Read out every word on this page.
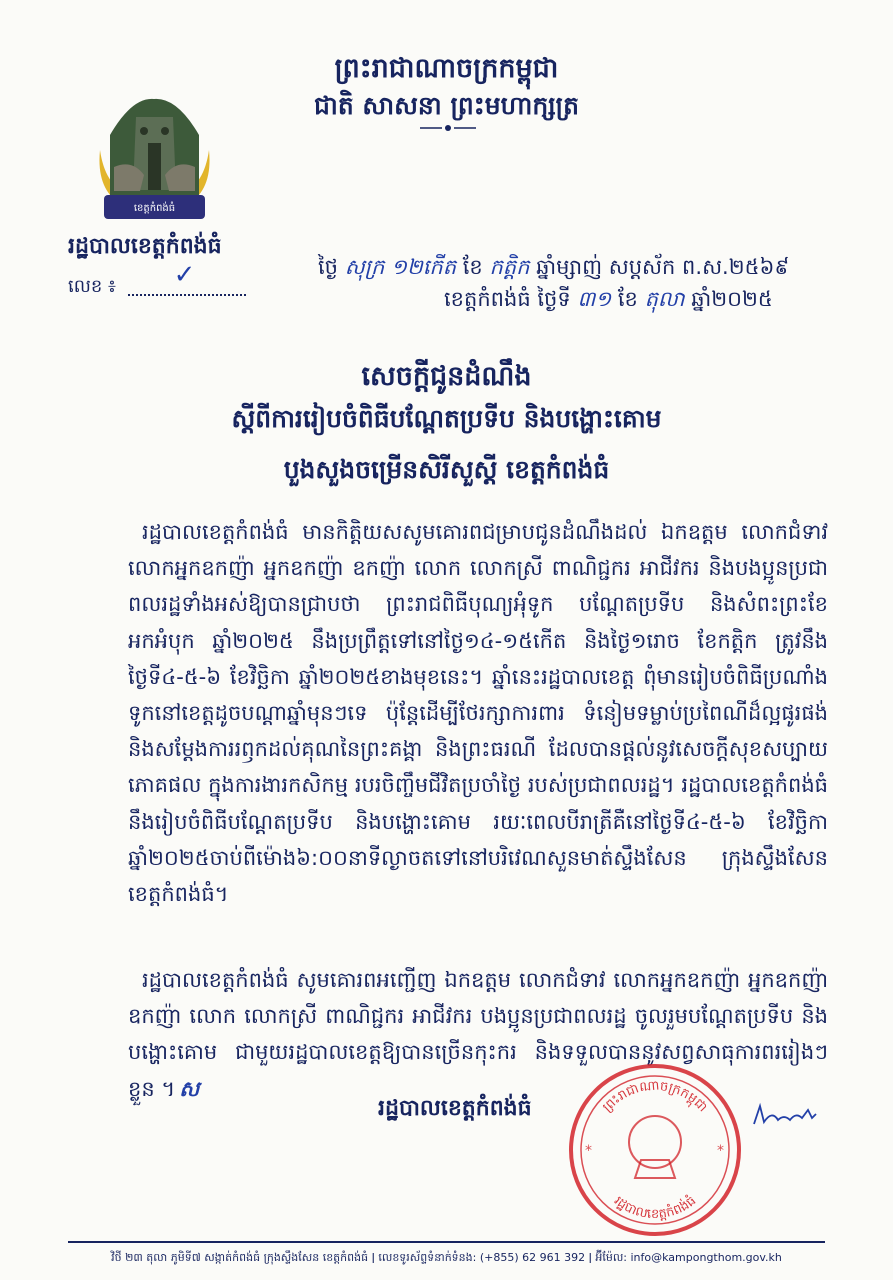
ព្រះរាជាណាចក្រកម្ពុជា
ជាតិ សាសនា ព្រះមហាក្សត្រ
ខេត្តកំពង់ធំ
រដ្ឋបាលខេត្តកំពង់ធំ
លេខ ៖ ✓	ថ្ងៃ សុក្រ ១២កើត ខែ កត្តិក ឆ្នាំម្សាញ់ សប្តស័ក ព.ស.២៥៦៩
ខេត្តកំពង់ធំ ថ្ងៃទី ៣១ ខែ តុលា ឆ្នាំ២០២៥
សេចក្តីជូនដំណឹង
ស្តីពីការរៀបចំពិធីបណ្តែតប្រទីប និងបង្ហោះគោម
បួងសួងចម្រើនសិរីសួស្តី ខេត្តកំពង់ធំ
រដ្ឋបាលខេត្តកំពង់ធំ មានកិត្តិយសសូមគោរពជម្រាបជូនដំណឹងដល់ ឯកឧត្តម លោកជំទាវ លោកអ្នកឧកញ៉ា អ្នកឧកញ៉ា ឧកញ៉ា លោក លោកស្រី ពាណិជ្ជករ អាជីវករ និងបងប្អូនប្រជាពលរដ្ឋទាំងអស់ឱ្យបានជ្រាបថា ព្រះរាជពិធីបុណ្យអុំទូក បណ្តែតប្រទីប និងសំពះព្រះខែ អកអំបុក ឆ្នាំ២០២៥ នឹងប្រព្រឹត្តទៅនៅថ្ងៃ១៤-១៥កើត និងថ្ងៃ១រោច ខែកត្តិក ត្រូវនឹងថ្ងៃទី៤-៥-៦ ខែវិច្ឆិកា ឆ្នាំ២០២៥ខាងមុខនេះ។ ឆ្នាំនេះរដ្ឋបាលខេត្ត ពុំមានរៀបចំពិធីប្រណាំងទូកនៅខេត្តដូចបណ្តាឆ្នាំមុនៗទេ ប៉ុន្តែដើម្បីថែរក្សាការពារ ទំនៀមទម្លាប់ប្រពៃណីដ៏ល្អផូរផង់ និងសម្តែងការរឭកដល់គុណនៃព្រះគង្គា និងព្រះធរណី ដែលបានផ្តល់នូវសេចក្តីសុខសប្បាយ ភោគផល ក្នុងការងារកសិកម្ម របរចិញ្ចឹមជីវិតប្រចាំថ្ងៃ របស់ប្រជាពលរដ្ឋ។ រដ្ឋបាលខេត្តកំពង់ធំនឹងរៀបចំពិធីបណ្តែតប្រទីប និងបង្ហោះគោម រយៈពេលបីរាត្រីគឺនៅថ្ងៃទី៤-៥-៦ ខែវិច្ឆិកាឆ្នាំ២០២៥ចាប់ពីម៉ោង៦:០០នាទីល្ងាចតទៅនៅបរិវេណសួនមាត់ស្ទឹងសែន ក្រុងស្ទឹងសែន ខេត្តកំពង់ធំ។
រដ្ឋបាលខេត្តកំពង់ធំ សូមគោរពអញ្ជើញ ឯកឧត្តម លោកជំទាវ លោកអ្នកឧកញ៉ា អ្នកឧកញ៉ា ឧកញ៉ា លោក លោកស្រី ពាណិជ្ជករ អាជីវករ បងប្អូនប្រជាពលរដ្ឋ ចូលរួមបណ្តែតប្រទីប និងបង្ហោះគោម ជាមួយរដ្ឋបាលខេត្តឱ្យបានច្រើនកុះករ និងទទួលបាននូវសព្វសាធុការពររៀងៗខ្លួន ។ ស
ព្រះរាជាណាចក្រកម្ពុជា
រដ្ឋបាលខេត្តកំពង់ធំ
*	*
រដ្ឋបាលខេត្តកំពង់ធំ
វិថី ២៣ តុលា ភូមិទី៧ សង្កាត់កំពង់ធំ ក្រុងស្ទឹងសែន ខេត្តកំពង់ធំ ǀ លេខទូរស័ព្ទទំនាក់ទំនង: (+855) 62 961 392 ǀ អ៊ីម៉ែល: info@kampongthom.gov.kh
